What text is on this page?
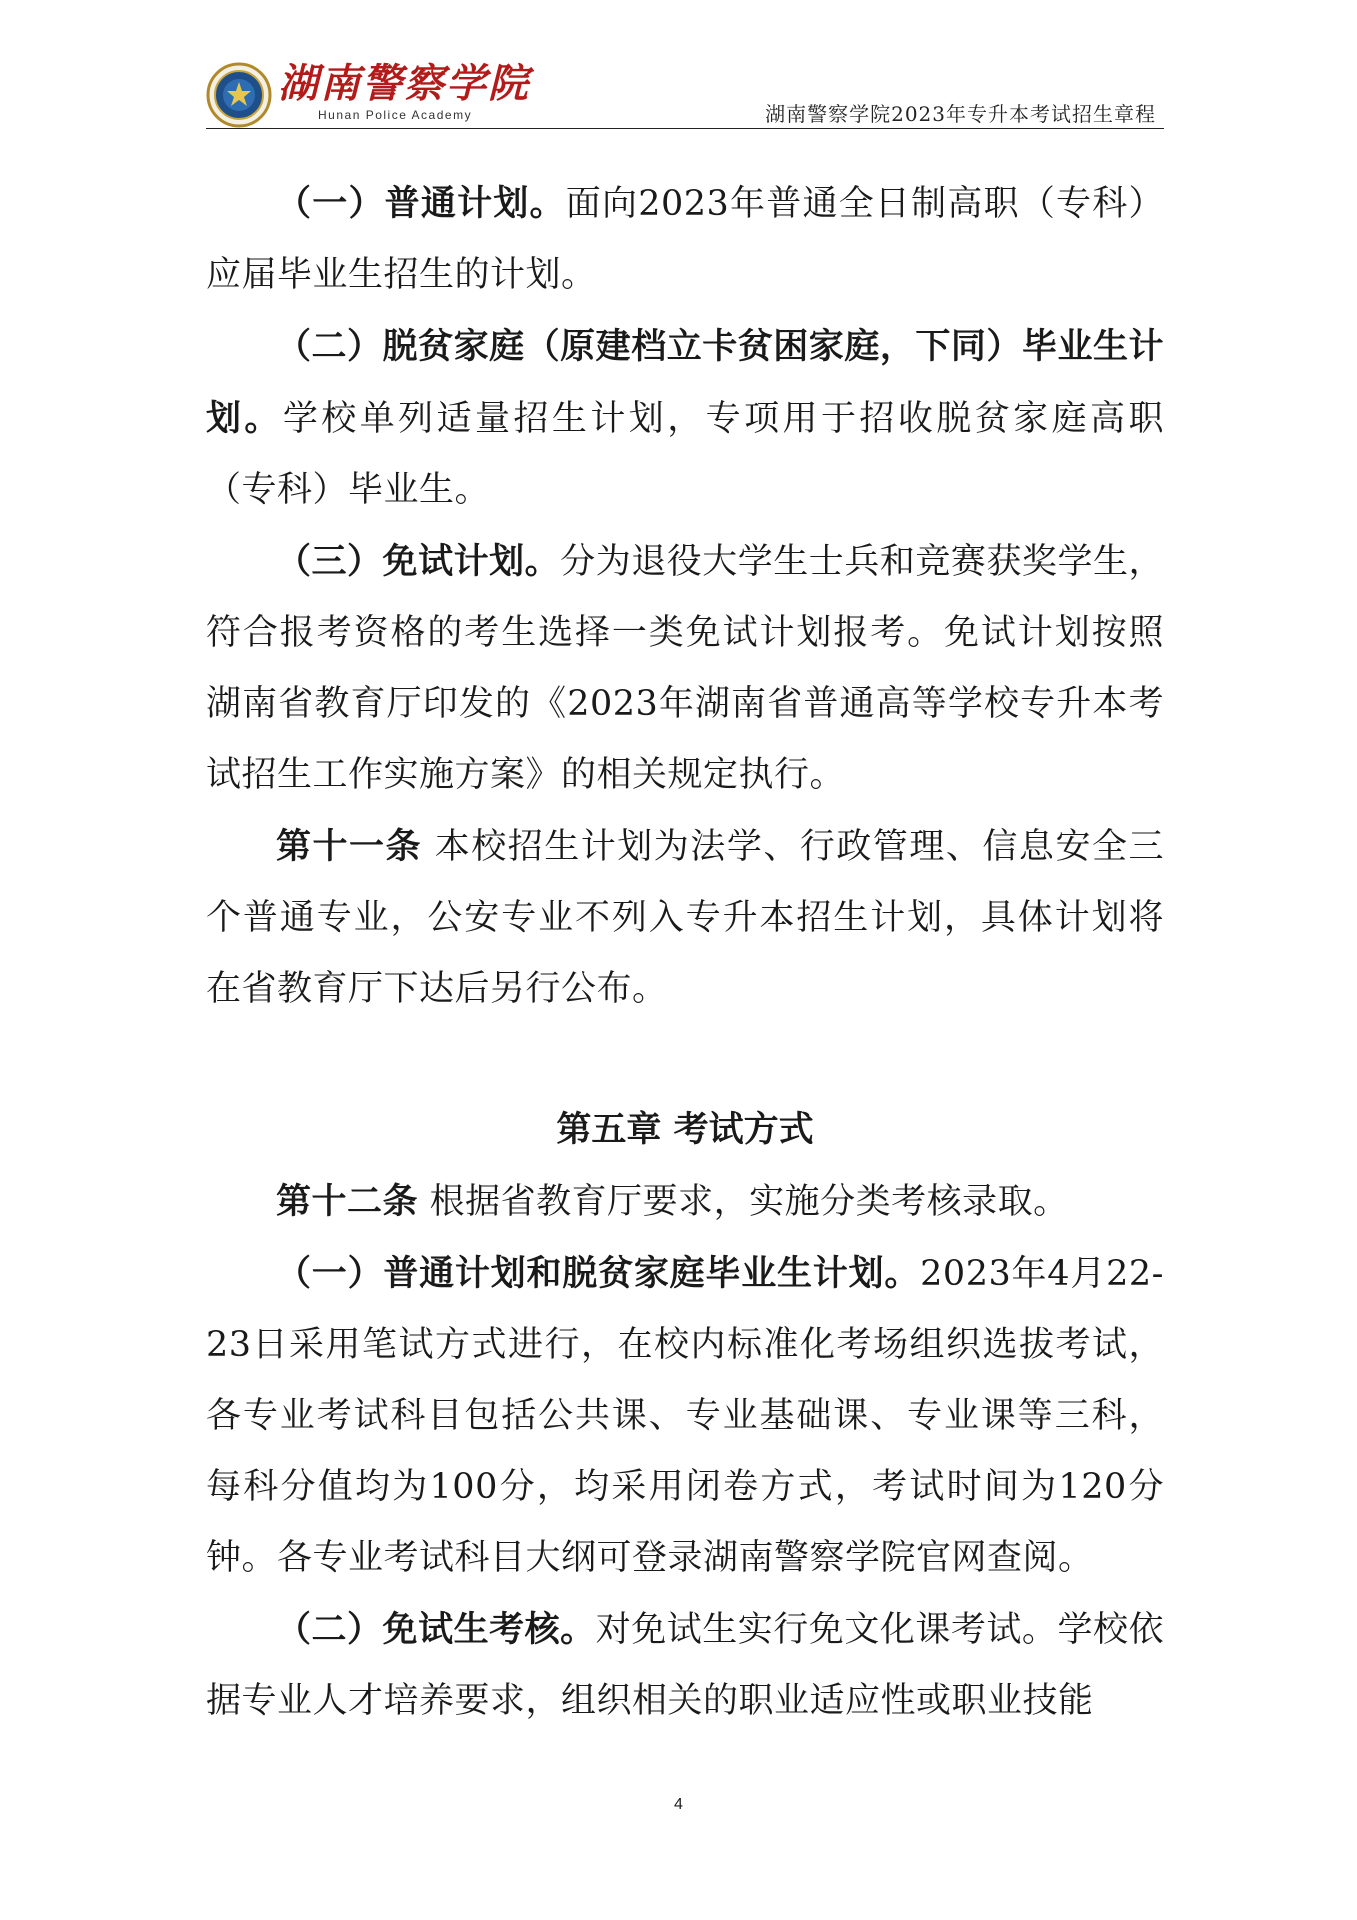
湖南警察学院
Hunan Police Academy	湖南警察学院2023年专升本考试招生章程

（一）普通计划。面向2023年普通全日制高职（专科）应届毕业生招生的计划。

（二）脱贫家庭（原建档立卡贫困家庭，下同）毕业生计划。学校单列适量招生计划，专项用于招收脱贫家庭高职（专科）毕业生。

（三）免试计划。分为退役大学生士兵和竞赛获奖学生，符合报考资格的考生选择一类免试计划报考。免试计划按照湖南省教育厅印发的《2023年湖南省普通高等学校专升本考试招生工作实施方案》的相关规定执行。

第十一条 本校招生计划为法学、行政管理、信息安全三个普通专业，公安专业不列入专升本招生计划，具体计划将在省教育厅下达后另行公布。

第五章 考试方式

第十二条 根据省教育厅要求，实施分类考核录取。

（一）普通计划和脱贫家庭毕业生计划。2023年4月22-23日采用笔试方式进行，在校内标准化考场组织选拔考试，各专业考试科目包括公共课、专业基础课、专业课等三科，每科分值均为100分，均采用闭卷方式，考试时间为120分钟。各专业考试科目大纲可登录湖南警察学院官网查阅。

（二）免试生考核。对免试生实行免文化课考试。学校依据专业人才培养要求，组织相关的职业适应性或职业技能

4
